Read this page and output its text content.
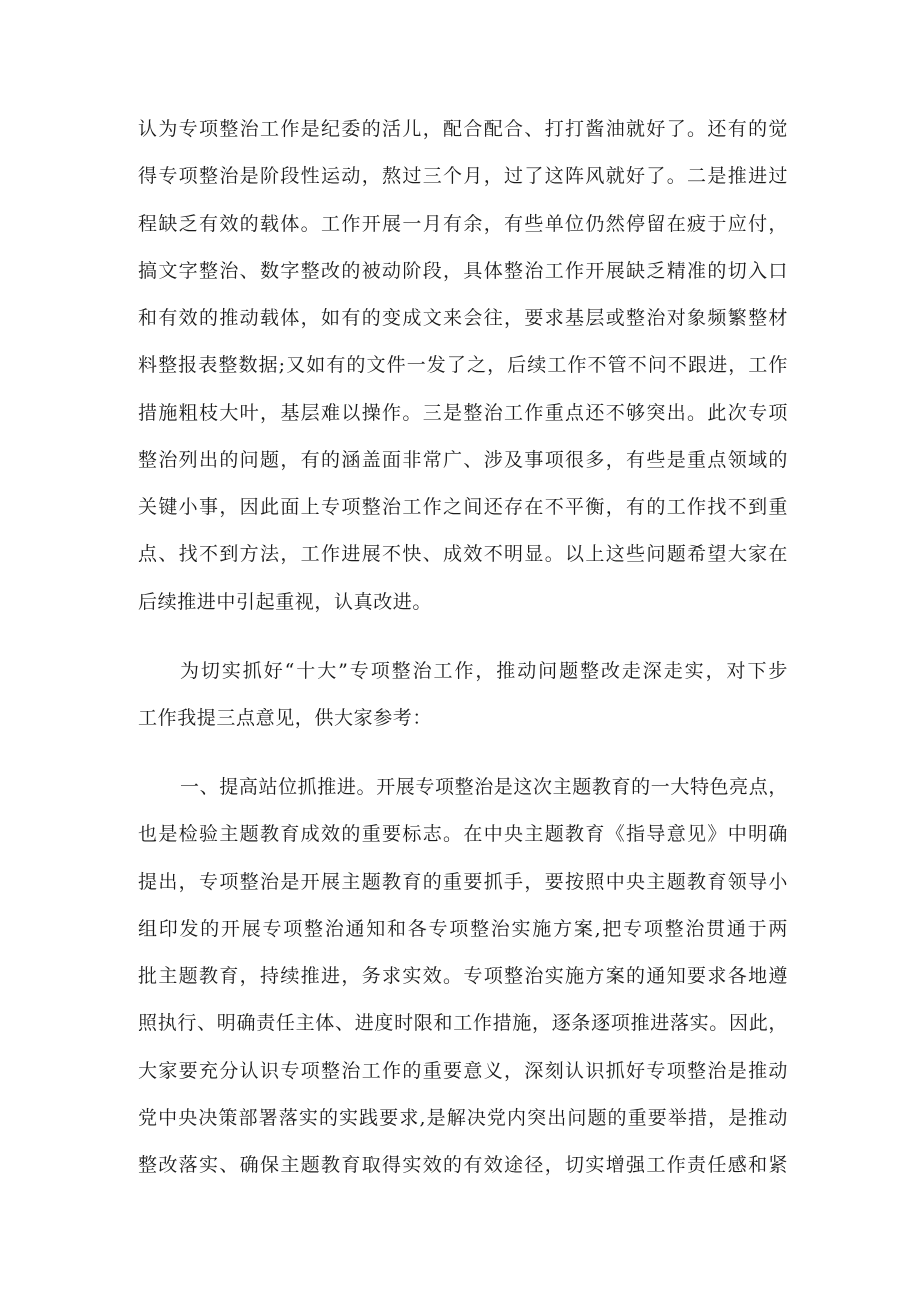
认为专项整治工作是纪委的活儿，配合配合、打打酱油就好了。还有的觉
得专项整治是阶段性运动，熬过三个月，过了这阵风就好了。二是推进过
程缺乏有效的载体。工作开展一月有余，有些单位仍然停留在疲于应付，
搞文字整治、数字整改的被动阶段，具体整治工作开展缺乏精准的切入口
和有效的推动载体，如有的变成文来会往，要求基层或整治对象频繁整材
料整报表整数据;又如有的文件一发了之，后续工作不管不问不跟进，工作
措施粗枝大叶，基层难以操作。三是整治工作重点还不够突出。此次专项
整治列出的问题，有的涵盖面非常广、涉及事项很多，有些是重点领域的
关键小事，因此面上专项整治工作之间还存在不平衡，有的工作找不到重
点、找不到方法，工作进展不快、成效不明显。以上这些问题希望大家在
后续推进中引起重视，认真改进。
为切实抓好“十大”专项整治工作，推动问题整改走深走实，对下步
工作我提三点意见，供大家参考：
一、提高站位抓推进。开展专项整治是这次主题教育的一大特色亮点，
也是检验主题教育成效的重要标志。在中央主题教育《指导意见》中明确
提出，专项整治是开展主题教育的重要抓手，要按照中央主题教育领导小
组印发的开展专项整治通知和各专项整治实施方案,把专项整治贯通于两
批主题教育，持续推进，务求实效。专项整治实施方案的通知要求各地遵
照执行、明确责任主体、进度时限和工作措施，逐条逐项推进落实。因此，
大家要充分认识专项整治工作的重要意义，深刻认识抓好专项整治是推动
党中央决策部署落实的实践要求,是解决党内突出问题的重要举措，是推动
整改落实、确保主题教育取得实效的有效途径，切实增强工作责任感和紧
